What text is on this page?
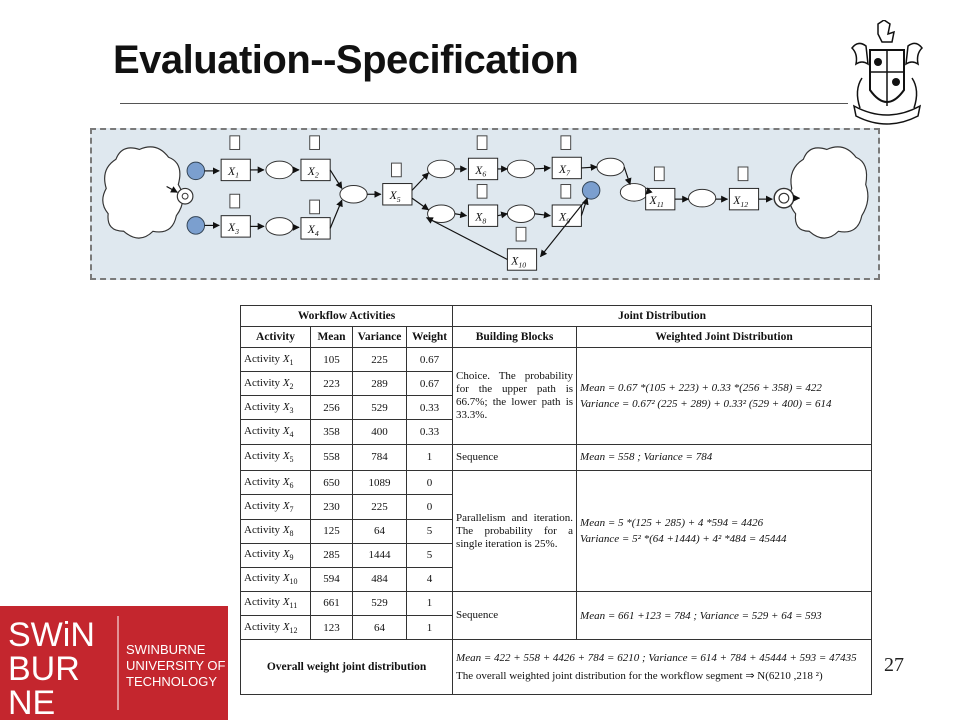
Evaluation--Specification
$X_1$	$X_2$
$X_3$	$X_4$
$X_5$
$X_6$	$X_7$
$X_8$	$X_9$
$X_{10}$
$X_{11}$	$X_{12}$
Workflow Activities				Joint Distribution	
Activity	Mean	Variance	Weight	Building Blocks	Weighted Joint Distribution
Activity $X_1$	105	225	0.67	Choice. The probability for the upper path is 66.7%; the lower path is 33.3%.	Mean = 0.67 *(105 + 223) + 0.33 *(256 + 358) = 422
Variance = 0.67² (225 + 289) + 0.33² (529 + 400) = 614

Activity $X_2$	223	289	0.67		
Activity $X_3$	256	529	0.33		
Activity $X_4$	358	400	0.33		
Activity $X_5$	558	784	1	Sequence	Mean = 558 ; Variance = 784
Activity $X_6$	650	1089	0	Parallelism and iteration. The probability for a single iteration is 25%.	Mean = 5 *(125 + 285) + 4 *594 = 4426
Variance = 5² *(64 +1444) + 4² *484 = 45444

Activity $X_7$	230	225	0		
Activity $X_8$	125	64	5		
Activity $X_9$	285	1444	5		
Activity $X_{10}$	594	484	4		
Activity $X_{11}$	661	529	1	Sequence	Mean = 661 +123 = 784 ; Variance = 529 + 64 = 593
Activity $X_{12}$	123	64	1		
Overall weight joint distribution				Mean = 422 + 558 + 4426 + 784 = 6210 ; Variance = 614 + 784 + 45444 + 593 = 47435
The overall weighted joint distribution for the workflow segment ⇒ N(6210 ,218 ²)	
27
SWiN
BUR
NE
SWINBURNE
UNIVERSITY OF
TECHNOLOGY
